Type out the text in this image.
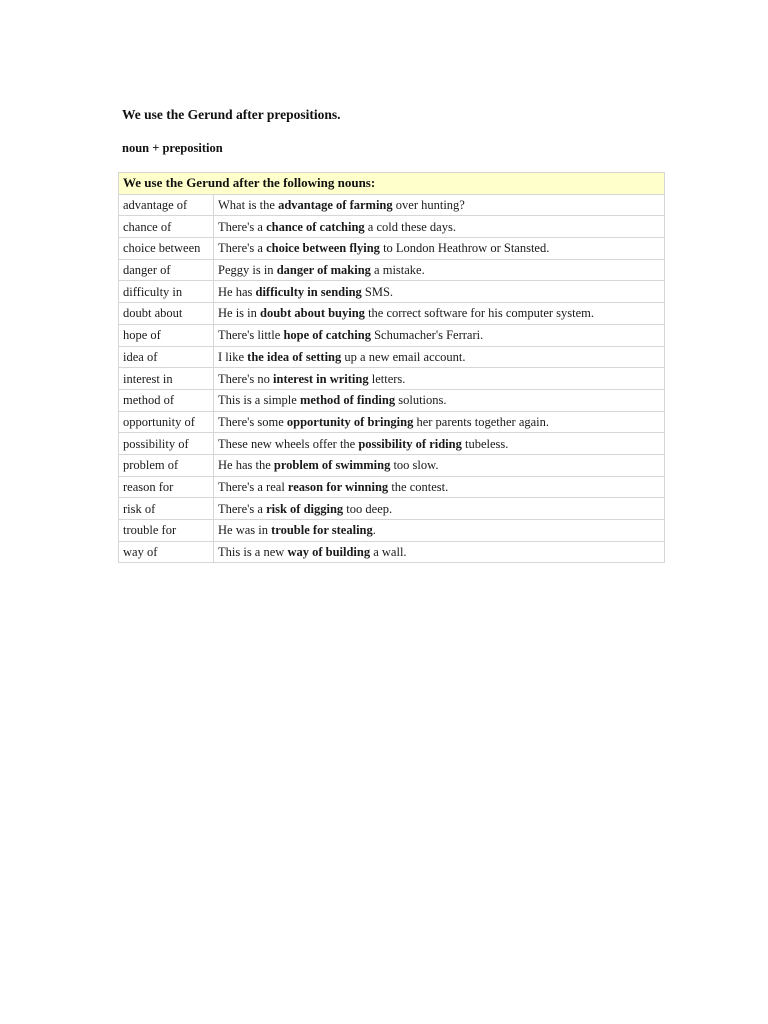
We use the Gerund after prepositions.

noun + preposition

We use the Gerund after the following nouns:	
advantage of	What is the advantage of farming over hunting?
chance of	There's a chance of catching a cold these days.
choice between	There's a choice between flying to London Heathrow or Stansted.
danger of	Peggy is in danger of making a mistake.
difficulty in	He has difficulty in sending SMS.
doubt about	He is in doubt about buying the correct software for his computer system.
hope of	There's little hope of catching Schumacher's Ferrari.
idea of	I like the idea of setting up a new email account.
interest in	There's no interest in writing letters.
method of	This is a simple method of finding solutions.
opportunity of	There's some opportunity of bringing her parents together again.
possibility of	These new wheels offer the possibility of riding tubeless.
problem of	He has the problem of swimming too slow.
reason for	There's a real reason for winning the contest.
risk of	There's a risk of digging too deep.
trouble for	He was in trouble for stealing.
way of	This is a new way of building a wall.
